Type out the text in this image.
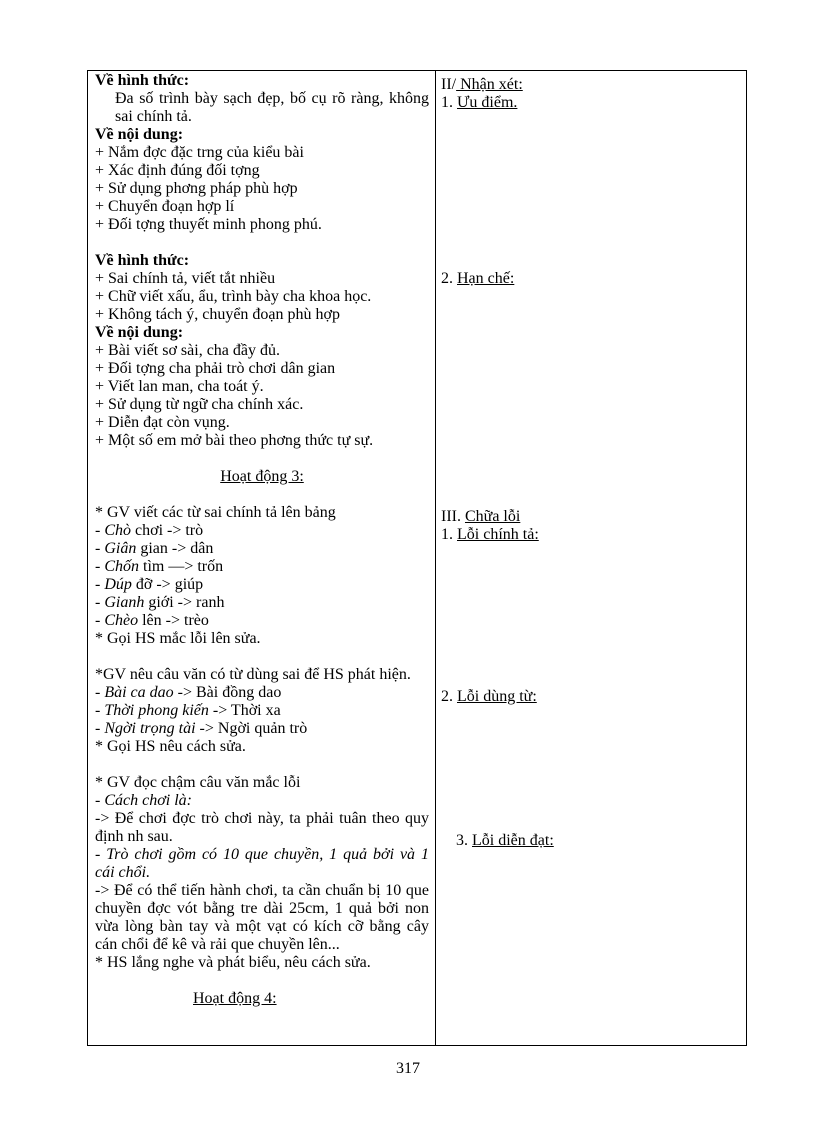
Về hình thức:
Đa số trình bày sạch đẹp, bố cụ rõ ràng, không sai chính tả.
Về nội dung:
+ Nắm đợc đặc trng của kiểu bài
+ Xác định đúng đối tợng
+ Sử dụng phơng pháp phù hợp
+ Chuyển đoạn hợp lí
+ Đối tợng thuyết minh phong phú.
Về hình thức:
+ Sai chính tả, viết tắt nhiều
+ Chữ viết xấu, ẩu, trình bày cha khoa học.
+ Không tách ý, chuyển đoạn phù hợp
Về nội dung:
+ Bài viết sơ sài, cha đầy đủ.
+ Đối tợng cha phải trò chơi dân gian
+ Viết lan man, cha toát ý.
+ Sử dụng từ ngữ cha chính xác.
+ Diễn đạt còn vụng.
+ Một số em mở bài theo phơng thức tự sự.
Hoạt động 3:
* GV viết các từ sai chính tả lên bảng
- Chò chơi -> trò
- Giân gian -> dân
- Chốn tìm —> trốn
- Dúp đỡ -> giúp
- Gianh giới -> ranh
- Chèo lên -> trèo
* Gọi HS mắc lỗi lên sửa.
*GV nêu câu văn có từ dùng sai để HS phát hiện.
- Bài ca dao -> Bài đồng dao
- Thời phong kiến -> Thời xa
- Ngời trọng tài -> Ngời quản trò
* Gọi HS nêu cách sửa.
* GV đọc chậm câu văn mắc lỗi
- Cách chơi là:
-> Để chơi đợc trò chơi này, ta phải tuân theo quy định nh sau.
- Trò chơi gồm có 10 que chuyền, 1 quả bởi và 1 cái chổi.
-> Để có thể tiến hành chơi, ta cần chuẩn bị 10 que chuyền đợc vót bằng tre dài 25cm, 1 quả bởi non vừa lòng bàn tay và một vạt có kích cỡ bằng cây cán chổi để kê và rải que chuyền lên...
* HS lắng nghe và phát biểu, nêu cách sửa.
Hoạt động 4:
II/ Nhận xét:
1. Ưu điểm.
2. Hạn chế:
III. Chữa lỗi
1. Lỗi chính tả:
2. Lỗi dùng từ:
3. Lỗi diễn đạt:
317
